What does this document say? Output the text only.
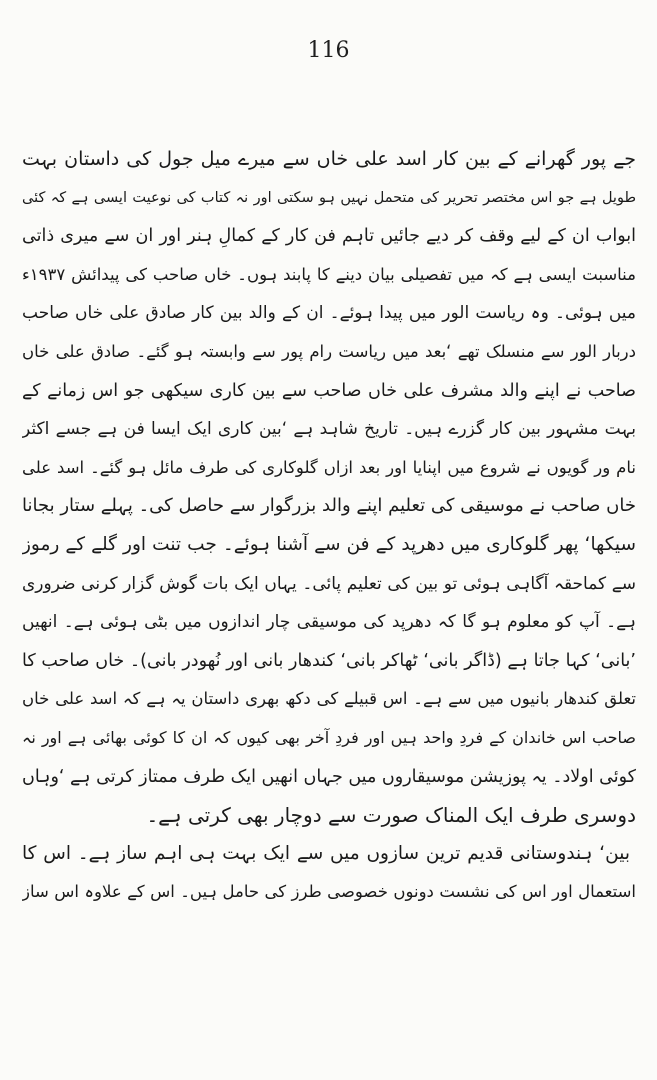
116
جے پور گھرانے کے بین کار اسد علی خاں سے میرے میل جول کی داستان بہت
طویل ہے جو اس مختصر تحریر کی متحمل نہیں ہو سکتی اور نہ کتاب کی نوعیت ایسی ہے کہ کئی
ابواب ان کے لیے وقف کر دیے جائیں تاہم فن کار کے کمالِ ہنر اور ان سے میری ذاتی
مناسبت ایسی ہے کہ میں تفصیلی بیان دینے کا پابند ہوں۔ خاں صاحب کی پیدائش ۱۹۳۷ء
میں ہوئی۔ وہ ریاست الور میں پیدا ہوئے۔ ان کے والد بین کار صادق علی خاں صاحب
دربار الور سے منسلک تھے ‘بعد میں ریاست رام پور سے وابستہ ہو گئے۔ صادق علی خاں
صاحب نے اپنے والد مشرف علی خاں صاحب سے بین کاری سیکھی جو اس زمانے کے
بہت مشہور بین کار گزرے ہیں۔ تاریخ شاہد ہے ‘بین کاری ایک ایسا فن ہے جسے اکثر
نام ور گویوں نے شروع میں اپنایا اور بعد ازاں گلوکاری کی طرف مائل ہو گئے۔ اسد علی
خاں صاحب نے موسیقی کی تعلیم اپنے والد بزرگوار سے حاصل کی۔ پہلے ستار بجانا
سیکھا‘ پھر گلوکاری میں دھرپد کے فن سے آشنا ہوئے۔ جب تنت اور گلے کے رموز
سے کماحقہ آگاہی ہوئی تو بین کی تعلیم پائی۔ یہاں ایک بات گوش گزار کرنی ضروری
ہے۔ آپ کو معلوم ہو گا کہ دھرپد کی موسیقی چار اندازوں میں بٹی ہوئی ہے۔ انھیں
’بانی‘ کہا جاتا ہے (ڈاگر بانی‘ ٹھاکر بانی‘ کندھار بانی اور نُھودر بانی)۔ خاں صاحب کا
تعلق کندھار بانیوں میں سے ہے۔ اس قبیلے کی دکھ بھری داستان یہ ہے کہ اسد علی خاں
صاحب اس خاندان کے فردِ واحد ہیں اور فردِ آخر بھی کیوں کہ ان کا کوئی بھائی ہے اور نہ
کوئی اولاد۔ یہ پوزیشن موسیقاروں میں جہاں انھیں ایک طرف ممتاز کرتی ہے ‘وہاں
دوسری طرف ایک المناک صورت سے دوچار بھی کرتی ہے۔
بین‘ ہندوستانی قدیم ترین سازوں میں سے ایک بہت ہی اہم ساز ہے۔ اس کا
استعمال اور اس کی نشست دونوں خصوصی طرز کی حامل ہیں۔ اس کے علاوہ اس ساز
